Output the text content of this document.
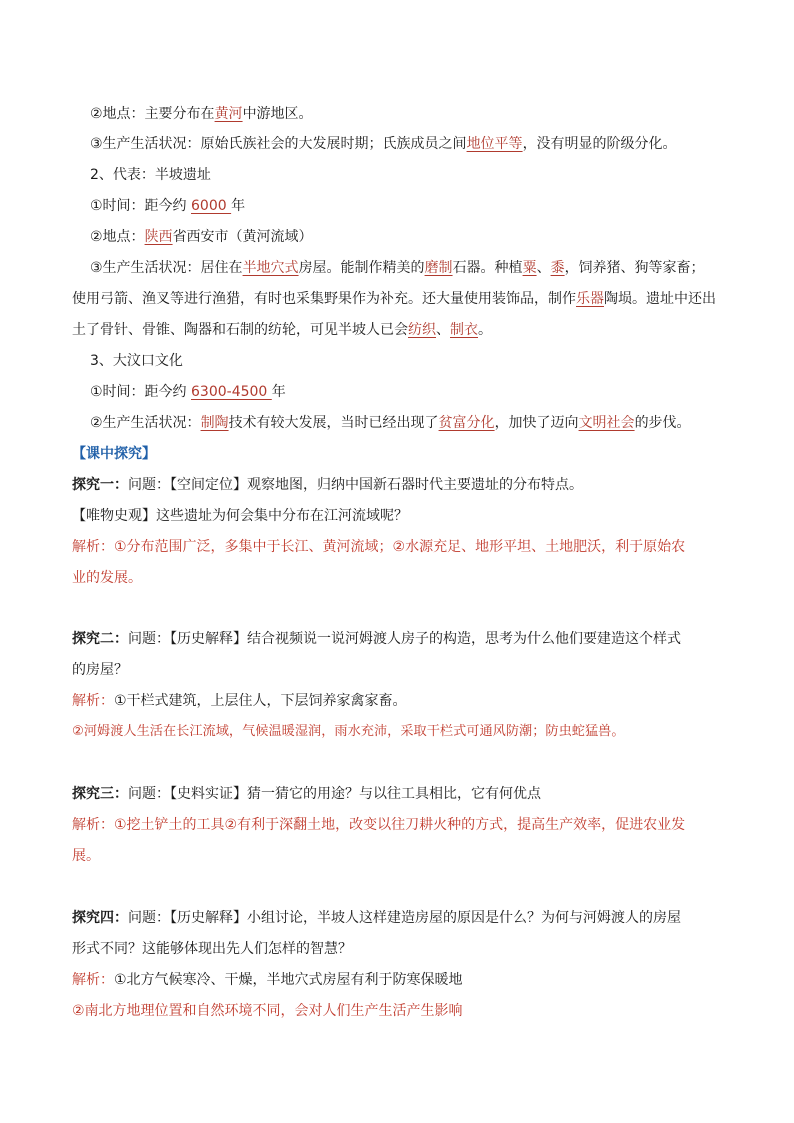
②地点：主要分布在黄河中游地区。
③生产生活状况：原始氏族社会的大发展时期；氏族成员之间地位平等，没有明显的阶级分化。
2、代表：半坡遗址
①时间：距今约 6000 年
②地点：陕西省西安市（黄河流域）
③生产生活状况：居住在半地穴式房屋。能制作精美的磨制石器。种植粟、黍，饲养猪、狗等家畜；
使用弓箭、渔叉等进行渔猎，有时也采集野果作为补充。还大量使用装饰品，制作乐器陶埙。遗址中还出
土了骨针、骨锥、陶器和石制的纺轮，可见半坡人已会纺织、制衣。
3、大汶口文化
①时间：距今约 6300-4500 年
②生产生活状况：制陶技术有较大发展，当时已经出现了贫富分化，加快了迈向文明社会的步伐。
【课中探究】
探究一：问题：【空间定位】观察地图，归纳中国新石器时代主要遗址的分布特点。
【唯物史观】这些遗址为何会集中分布在江河流域呢？
解析：①分布范围广泛，多集中于长江、黄河流域；②水源充足、地形平坦、土地肥沃，利于原始农
业的发展。
探究二：问题：【历史解释】结合视频说一说河姆渡人房子的构造，思考为什么他们要建造这个样式
的房屋？
解析：①干栏式建筑，上层住人，下层饲养家禽家畜。
②河姆渡人生活在长江流域，气候温暖湿润，雨水充沛，采取干栏式可通风防潮；防虫蛇猛兽。
探究三：问题：【史料实证】猜一猜它的用途？与以往工具相比，它有何优点
解析：①挖土铲土的工具②有利于深翻土地，改变以往刀耕火种的方式，提高生产效率，促进农业发
展。
探究四：问题：【历史解释】小组讨论，半坡人这样建造房屋的原因是什么？为何与河姆渡人的房屋
形式不同？这能够体现出先人们怎样的智慧？
解析：①北方气候寒冷、干燥，半地穴式房屋有利于防寒保暖地
②南北方地理位置和自然环境不同，会对人们生产生活产生影响
